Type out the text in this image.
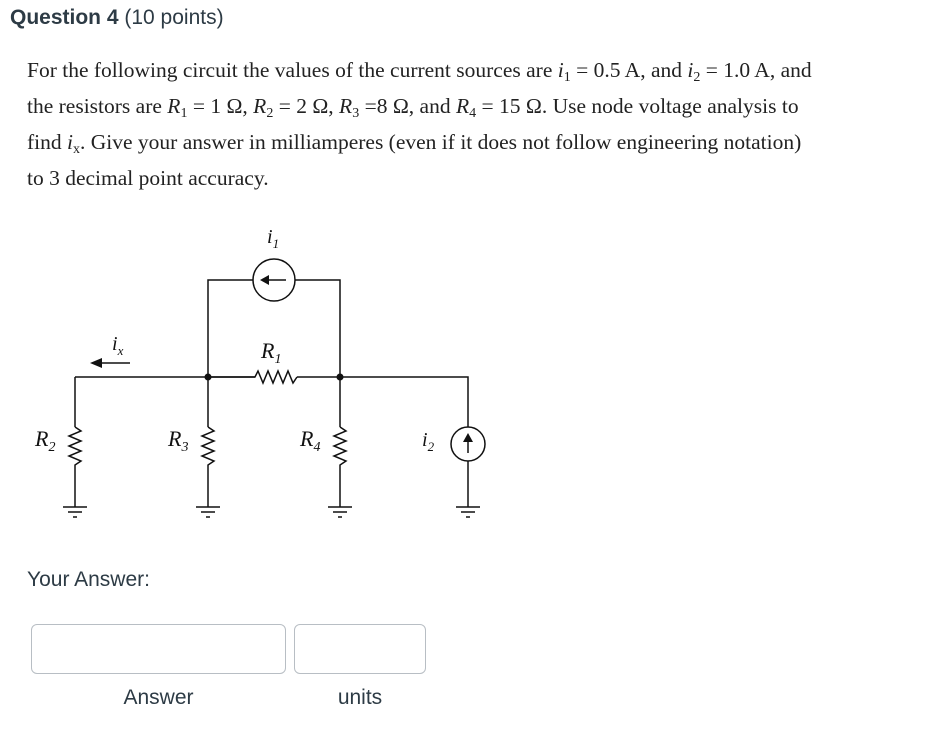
Question 4 (10 points)
For the following circuit the values of the current sources are $i_1 = 0.5$ A, and $i_2 = 1.0$ A, and
the resistors are $R_1 = 1$ Ω, $R_2 = 2$ Ω, $R_3 =8$ Ω, and $R_4 = 15$ Ω. Use node voltage analysis to
find $i_x$. Give your answer in milliamperes (even if it does not follow engineering notation)
to 3 decimal point accuracy.
$i_1$
$i_x$	$R_1$
$R_2$	$R_3$	$R_4$	$i_2$
Your Answer:
Answer	units
